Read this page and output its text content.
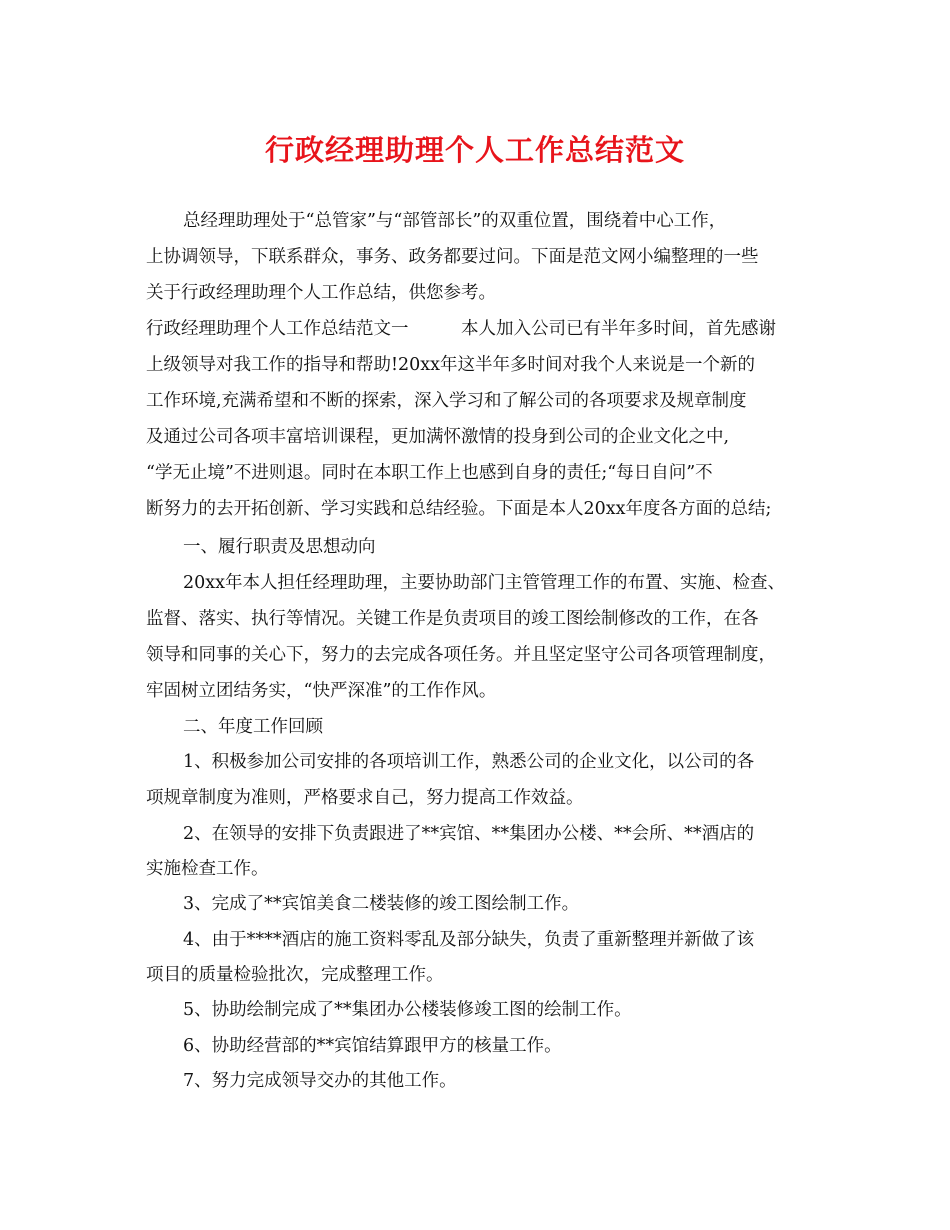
行政经理助理个人工作总结范文
总经理助理处于“总管家”与“部管部长”的双重位置，围绕着中心工作，
上协调领导，下联系群众，事务、政务都要过问。下面是范文网小编整理的一些
关于行政经理助理个人工作总结，供您参考。
行政经理助理个人工作总结范文一　　　本人加入公司已有半年多时间，首先感谢
上级领导对我工作的指导和帮助!20xx年这半年多时间对我个人来说是一个新的
工作环境,充满希望和不断的探索，深入学习和了解公司的各项要求及规章制度
及通过公司各项丰富培训课程，更加满怀激情的投身到公司的企业文化之中,
“学无止境”不进则退。同时在本职工作上也感到自身的责任;“每日自问”不
断努力的去开拓创新、学习实践和总结经验。下面是本人20xx年度各方面的总结;
一、履行职责及思想动向
20xx年本人担任经理助理，主要协助部门主管管理工作的布置、实施、检查、
监督、落实、执行等情况。关键工作是负责项目的竣工图绘制修改的工作，在各
领导和同事的关心下，努力的去完成各项任务。并且坚定坚守公司各项管理制度，
牢固树立团结务实，“快严深准”的工作作风。
二、年度工作回顾
1、积极参加公司安排的各项培训工作，熟悉公司的企业文化，以公司的各
项规章制度为准则，严格要求自己，努力提高工作效益。
2、在领导的安排下负责跟进了**宾馆、**集团办公楼、**会所、**酒店的
实施检查工作。
3、完成了**宾馆美食二楼装修的竣工图绘制工作。
4、由于****酒店的施工资料零乱及部分缺失，负责了重新整理并新做了该
项目的质量检验批次，完成整理工作。
5、协助绘制完成了**集团办公楼装修竣工图的绘制工作。
6、协助经营部的**宾馆结算跟甲方的核量工作。
7、努力完成领导交办的其他工作。
